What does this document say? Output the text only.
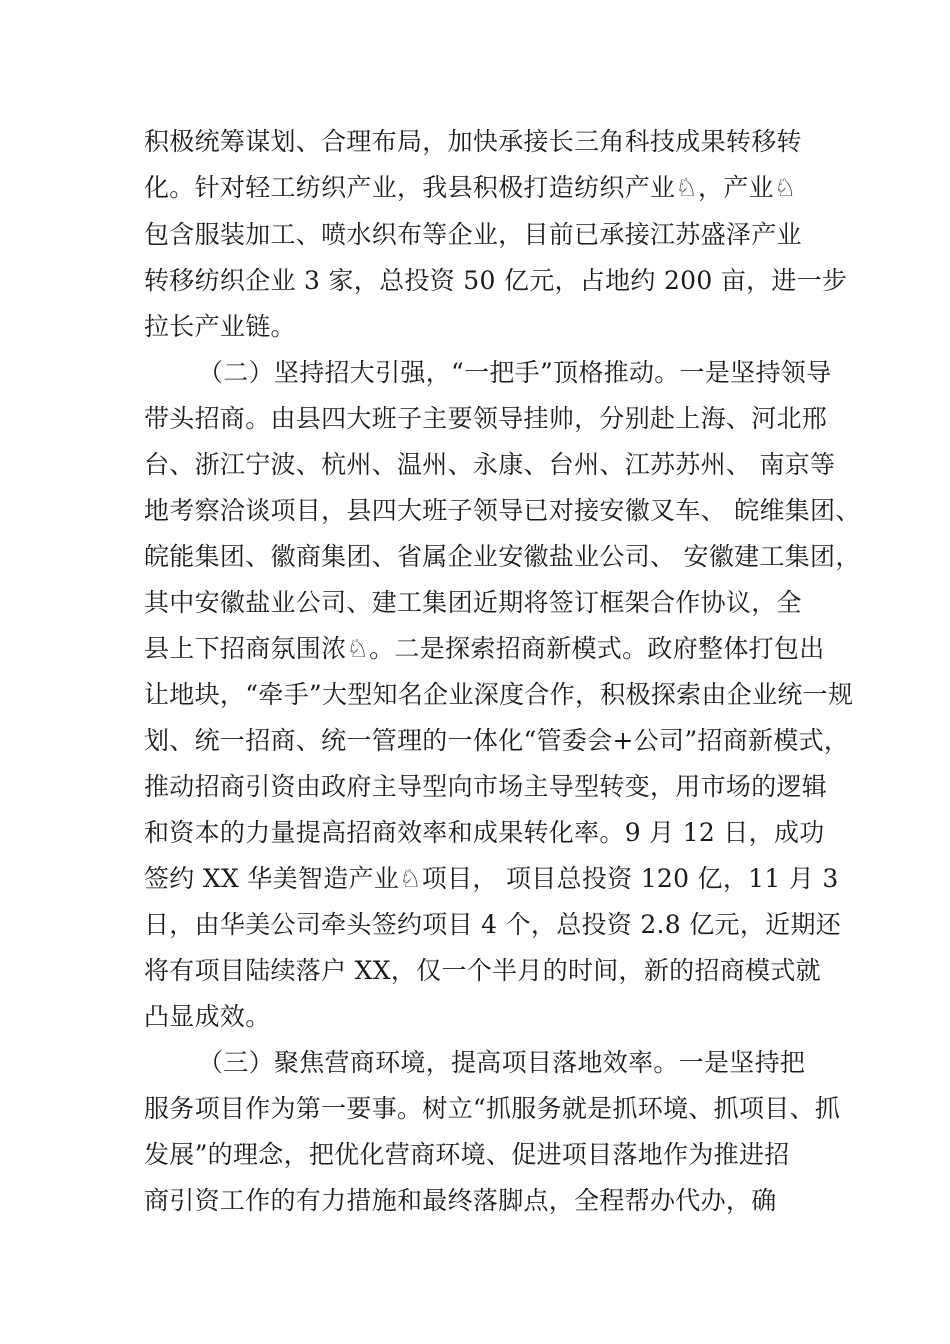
积极统筹谋划、合理布局，加快承接长三角科技成果转移转
化。针对轻工纺织产业，我县积极打造纺织产业♘，产业♘
包含服装加工、喷水织布等企业，目前已承接江苏盛泽产业
转移纺织企业 3 家，总投资 50 亿元，占地约 200 亩，进一步
拉长产业链。
（二）坚持招大引强，“一把手”顶格推动。一是坚持领导
带头招商。由县四大班子主要领导挂帅，分别赴上海、河北邢
台、浙江宁波、杭州、温州、永康、台州、江苏苏州、 南京等
地考察洽谈项目，县四大班子领导已对接安徽叉车、 皖维集团、
皖能集团、徽商集团、省属企业安徽盐业公司、 安徽建工集团，
其中安徽盐业公司、建工集团近期将签订框架合作协议，全
县上下招商氛围浓♘。二是探索招商新模式。政府整体打包出
让地块，“牵手”大型知名企业深度合作，积极探索由企业统一规
划、统一招商、统一管理的一体化“管委会+公司”招商新模式，
推动招商引资由政府主导型向市场主导型转变，用市场的逻辑
和资本的力量提高招商效率和成果转化率。9 月 12 日，成功
签约 XX 华美智造产业♘项目， 项目总投资 120 亿，11 月 3
日，由华美公司牵头签约项目 4 个，总投资 2.8 亿元，近期还
将有项目陆续落户 XX，仅一个半月的时间，新的招商模式就
凸显成效。
（三）聚焦营商环境，提高项目落地效率。一是坚持把
服务项目作为第一要事。树立“抓服务就是抓环境、抓项目、抓
发展”的理念，把优化营商环境、促进项目落地作为推进招
商引资工作的有力措施和最终落脚点，全程帮办代办，确
